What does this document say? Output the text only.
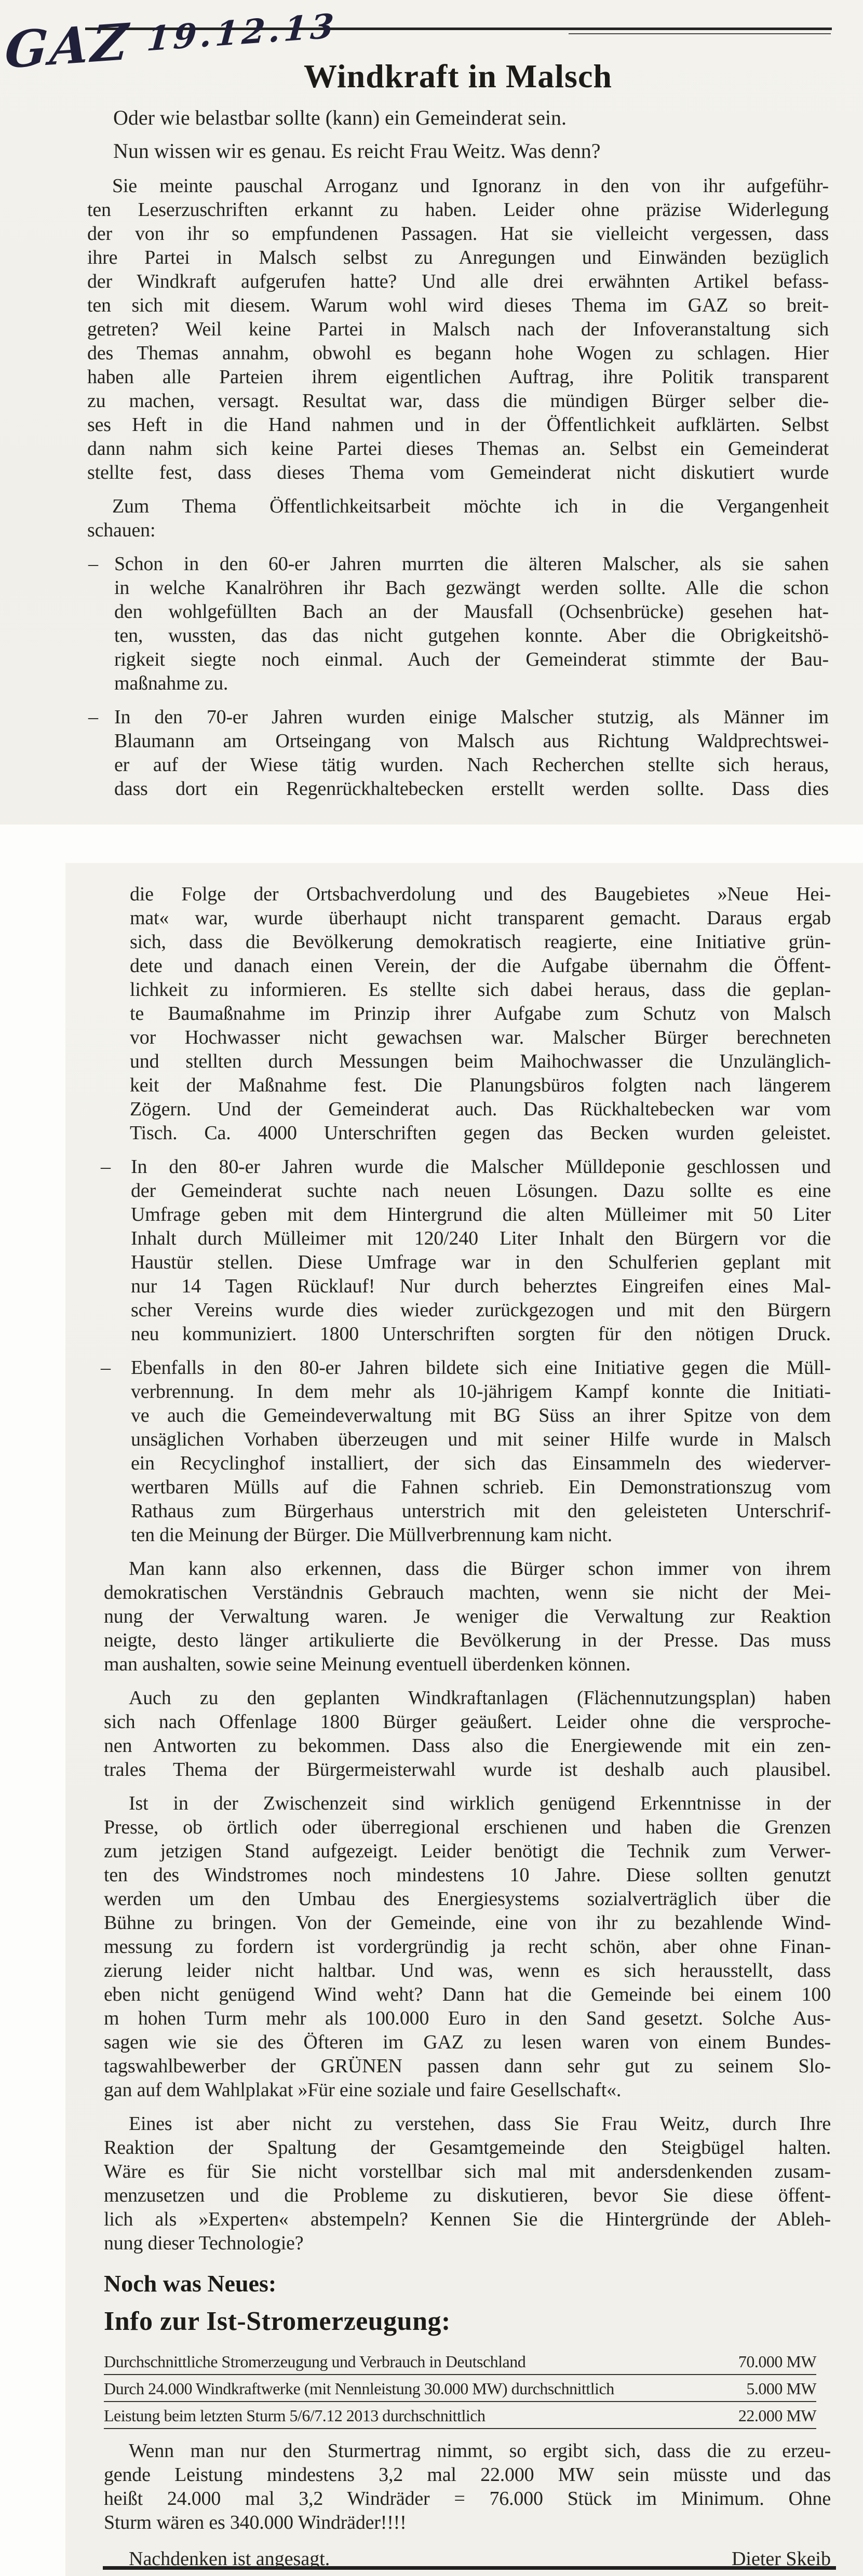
GAZ 19.12.13
Windkraft in Malsch
Oder wie belastbar sollte (kann) ein Gemeinderat sein.
Nun wissen wir es genau. Es reicht Frau Weitz. Was denn?
Sie meinte pauschal Arroganz und Ignoranz in den von ihr aufgeführ-
ten Leserzuschriften erkannt zu haben. Leider ohne präzise Widerlegung
der von ihr so empfundenen Passagen. Hat sie vielleicht vergessen, dass
ihre Partei in Malsch selbst zu Anregungen und Einwänden bezüglich
der Windkraft aufgerufen hatte? Und alle drei erwähnten Artikel befass-
ten sich mit diesem. Warum wohl wird dieses Thema im GAZ so breit-
getreten? Weil keine Partei in Malsch nach der Infoveranstaltung sich
des Themas annahm, obwohl es begann hohe Wogen zu schlagen. Hier
haben alle Parteien ihrem eigentlichen Auftrag, ihre Politik transparent
zu machen, versagt. Resultat war, dass die mündigen Bürger selber die-
ses Heft in die Hand nahmen und in der Öffentlichkeit aufklärten. Selbst
dann nahm sich keine Partei dieses Themas an. Selbst ein Gemeinderat
stellte fest, dass dieses Thema vom Gemeinderat nicht diskutiert wurde
Zum Thema Öffentlichkeitsarbeit möchte ich in die Vergangenheit
schauen:
– Schon in den 60-er Jahren murrten die älteren Malscher, als sie sahen
in welche Kanalröhren ihr Bach gezwängt werden sollte. Alle die schon
den wohlgefüllten Bach an der Mausfall (Ochsenbrücke) gesehen hat-
ten, wussten, das das nicht gutgehen konnte. Aber die Obrigkeitshö-
rigkeit siegte noch einmal. Auch der Gemeinderat stimmte der Bau-
maßnahme zu.
– In den 70-er Jahren wurden einige Malscher stutzig, als Männer im
Blaumann am Ortseingang von Malsch aus Richtung Waldprechtswei-
er auf der Wiese tätig wurden. Nach Recherchen stellte sich heraus,
dass dort ein Regenrückhaltebecken erstellt werden sollte. Dass dies
die Folge der Ortsbachverdolung und des Baugebietes »Neue Hei-
mat« war, wurde überhaupt nicht transparent gemacht. Daraus ergab
sich, dass die Bevölkerung demokratisch reagierte, eine Initiative grün-
dete und danach einen Verein, der die Aufgabe übernahm die Öffent-
lichkeit zu informieren. Es stellte sich dabei heraus, dass die geplan-
te Baumaßnahme im Prinzip ihrer Aufgabe zum Schutz von Malsch
vor Hochwasser nicht gewachsen war. Malscher Bürger berechneten
und stellten durch Messungen beim Maihochwasser die Unzulänglich-
keit der Maßnahme fest. Die Planungsbüros folgten nach längerem
Zögern. Und der Gemeinderat auch. Das Rückhaltebecken war vom
Tisch. Ca. 4000 Unterschriften gegen das Becken wurden geleistet.
–	In den 80-er Jahren wurde die Malscher Mülldeponie geschlossen und
der Gemeinderat suchte nach neuen Lösungen. Dazu sollte es eine
Umfrage geben mit dem Hintergrund die alten Mülleimer mit 50 Liter
Inhalt durch Mülleimer mit 120/240 Liter Inhalt den Bürgern vor die
Haustür stellen. Diese Umfrage war in den Schulferien geplant mit
nur 14 Tagen Rücklauf! Nur durch beherztes Eingreifen eines Mal-
scher Vereins wurde dies wieder zurückgezogen und mit den Bürgern
neu kommuniziert. 1800 Unterschriften sorgten für den nötigen Druck.
–	Ebenfalls in den 80-er Jahren bildete sich eine Initiative gegen die Müll-
verbrennung. In dem mehr als 10-jährigem Kampf konnte die Initiati-
ve auch die Gemeindeverwaltung mit BG Süss an ihrer Spitze von dem
unsäglichen Vorhaben überzeugen und mit seiner Hilfe wurde in Malsch
ein Recyclinghof installiert, der sich das Einsammeln des wiederver-
wertbaren Mülls auf die Fahnen schrieb. Ein Demonstrationszug vom
Rathaus zum Bürgerhaus unterstrich mit den geleisteten Unterschrif-
ten die Meinung der Bürger. Die Müllverbrennung kam nicht.
Man kann also erkennen, dass die Bürger schon immer von ihrem
demokratischen Verständnis Gebrauch machten, wenn sie nicht der Mei-
nung der Verwaltung waren. Je weniger die Verwaltung zur Reaktion
neigte, desto länger artikulierte die Bevölkerung in der Presse. Das muss
man aushalten, sowie seine Meinung eventuell überdenken können.
Auch zu den geplanten Windkraftanlagen (Flächennutzungsplan) haben
sich nach Offenlage 1800 Bürger geäußert. Leider ohne die versproche-
nen Antworten zu bekommen. Dass also die Energiewende mit ein zen-
trales Thema der Bürgermeisterwahl wurde ist deshalb auch plausibel.
Ist in der Zwischenzeit sind wirklich genügend Erkenntnisse in der
Presse, ob örtlich oder überregional erschienen und haben die Grenzen
zum jetzigen Stand aufgezeigt. Leider benötigt die Technik zum Verwer-
ten des Windstromes noch mindestens 10 Jahre. Diese sollten genutzt
werden um den Umbau des Energiesystems sozialverträglich über die
Bühne zu bringen. Von der Gemeinde, eine von ihr zu bezahlende Wind-
messung zu fordern ist vordergründig ja recht schön, aber ohne Finan-
zierung leider nicht haltbar. Und was, wenn es sich herausstellt, dass
eben nicht genügend Wind weht? Dann hat die Gemeinde bei einem 100
m hohen Turm mehr als 100.000 Euro in den Sand gesetzt. Solche Aus-
sagen wie sie des Öfteren im GAZ zu lesen waren von einem Bundes-
tagswahlbewerber der GRÜNEN passen dann sehr gut zu seinem Slo-
gan auf dem Wahlplakat »Für eine soziale und faire Gesellschaft«.
Eines ist aber nicht zu verstehen, dass Sie Frau Weitz, durch Ihre
Reaktion der Spaltung der Gesamtgemeinde den Steigbügel halten.
Wäre es für Sie nicht vorstellbar sich mal mit andersdenkenden zusam-
menzusetzen und die Probleme zu diskutieren, bevor Sie diese öffent-
lich als »Experten« abstempeln? Kennen Sie die Hintergründe der Ableh-
nung dieser Technologie?
Noch was Neues:
Info zur Ist-Stromerzeugung:
Durchschnittliche Stromerzeugung und Verbrauch in Deutschland	70.000 MW
Durch 24.000 Windkraftwerke (mit Nennleistung 30.000 MW) durchschnittlich	5.000 MW
Leistung beim letzten Sturm 5/6/7.12 2013 durchschnittlich	22.000 MW
Wenn man nur den Sturmertrag nimmt, so ergibt sich, dass die zu erzeu-
gende Leistung mindestens 3,2 mal 22.000 MW sein müsste und das
heißt 24.000 mal 3,2 Windräder = 76.000 Stück im Minimum. Ohne
Sturm wären es 340.000 Windräder!!!!
Nachdenken ist angesagt.	Dieter Skeib
